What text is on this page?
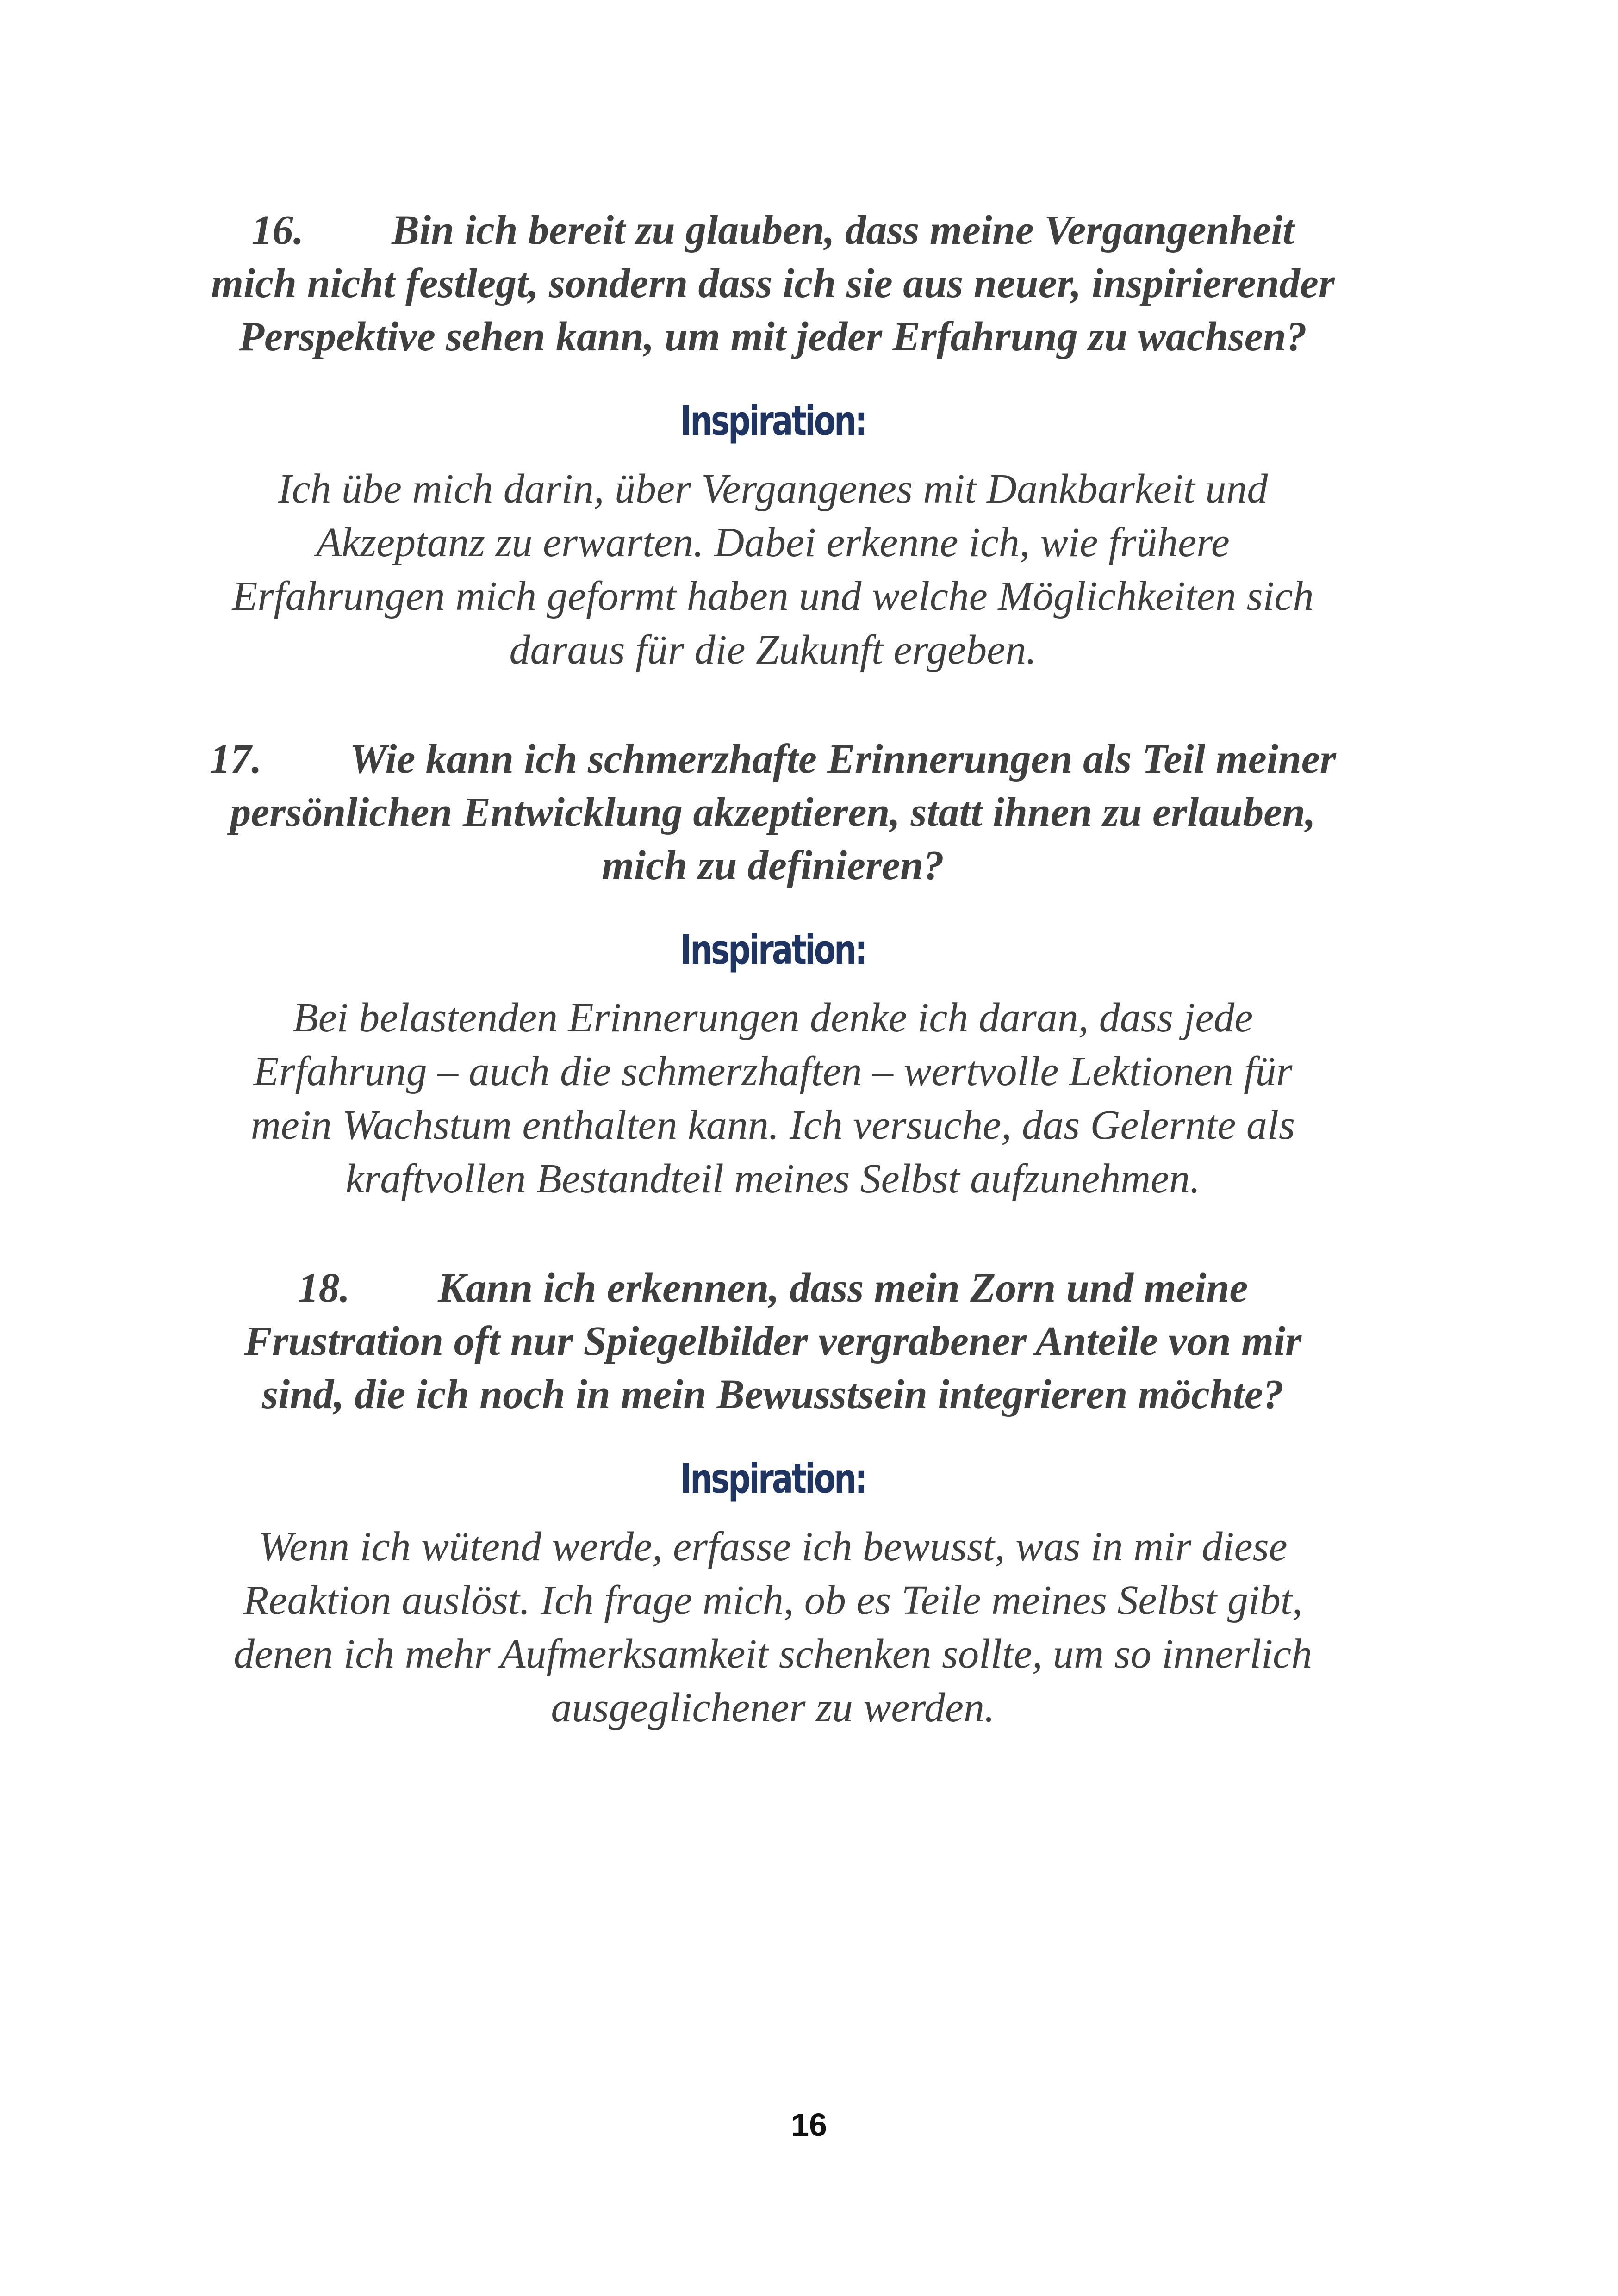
16. Bin ich bereit zu glauben, dass meine Vergangenheit
mich nicht festlegt, sondern dass ich sie aus neuer, inspirierender
Perspektive sehen kann, um mit jeder Erfahrung zu wachsen?

Inspiration:

Ich übe mich darin, über Vergangenes mit Dankbarkeit und
Akzeptanz zu erwarten. Dabei erkenne ich, wie frühere
Erfahrungen mich geformt haben und welche Möglichkeiten sich
daraus für die Zukunft ergeben.

17. Wie kann ich schmerzhafte Erinnerungen als Teil meiner
persönlichen Entwicklung akzeptieren, statt ihnen zu erlauben,
mich zu definieren?

Inspiration:

Bei belastenden Erinnerungen denke ich daran, dass jede
Erfahrung – auch die schmerzhaften – wertvolle Lektionen für
mein Wachstum enthalten kann. Ich versuche, das Gelernte als
kraftvollen Bestandteil meines Selbst aufzunehmen.

18. Kann ich erkennen, dass mein Zorn und meine
Frustration oft nur Spiegelbilder vergrabener Anteile von mir
sind, die ich noch in mein Bewusstsein integrieren möchte?

Inspiration:

Wenn ich wütend werde, erfasse ich bewusst, was in mir diese
Reaktion auslöst. Ich frage mich, ob es Teile meines Selbst gibt,
denen ich mehr Aufmerksamkeit schenken sollte, um so innerlich
ausgeglichener zu werden.

16
